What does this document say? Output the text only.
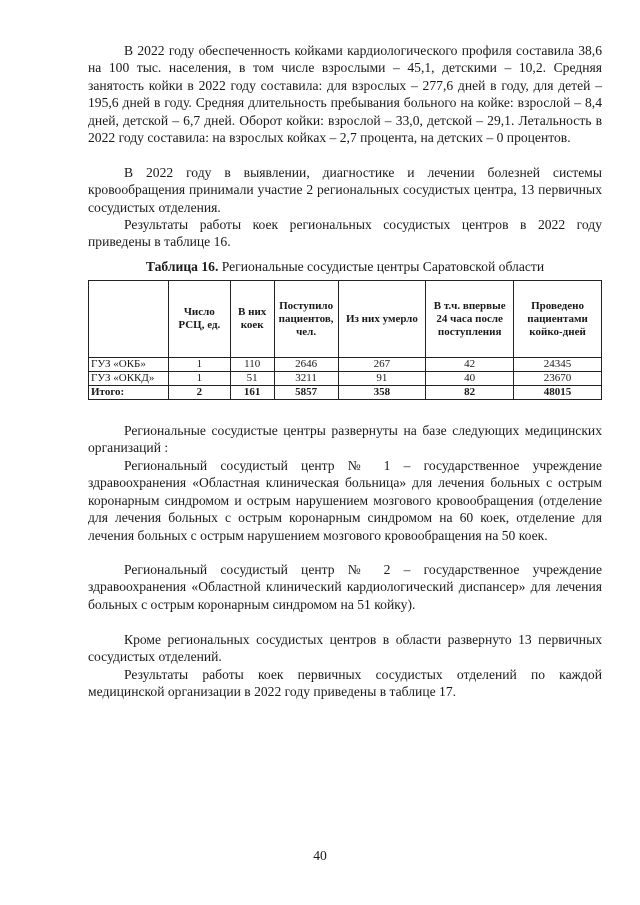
В 2022 году обеспеченность койками кардиологического профиля составила 38,6 на 100 тыс. населения, в том числе взрослыми – 45,1, детскими – 10,2. Средняя занятость койки в 2022 году составила: для взрослых – 277,6 дней в году, для детей – 195,6 дней в году. Средняя длительность пребывания больного на койке: взрослой – 8,4 дней, детской – 6,7 дней. Оборот койки: взрослой – 33,0, детской – 29,1. Летальность в 2022 году составила: на взрослых койках – 2,7 процента, на детских – 0 процентов.

В 2022 году в выявлении, диагностике и лечении болезней системы кровообращения принимали участие 2 региональных сосудистых центра, 13 первичных сосудистых отделения.

Результаты работы коек региональных сосудистых центров в 2022 году приведены в таблице 16.

Таблица 16. Региональные сосудистые центры Саратовской области

	Число РСЦ, ед.	В них коек	Поступило пациентов, чел.	Из них умерло	В т.ч. впервые 24 часа после поступления	Проведено пациентами койко-дней
ГУЗ «ОКБ»	1	110	2646	267	42	24345
ГУЗ «ОККД»	1	51	3211	91	40	23670
Итого:	2	161	5857	358	82	48015

Региональные сосудистые центры развернуты на базе следующих медицинских организаций :

Региональный сосудистый центр № 1 – государственное учреждение здравоохранения «Областная клиническая больница» для лечения больных с острым коронарным синдромом и острым нарушением мозгового кровообращения (отделение для лечения больных с острым коронарным синдромом на 60 коек, отделение для лечения больных с острым нарушением мозгового кровообращения на 50 коек.

Региональный сосудистый центр № 2 – государственное учреждение здравоохранения «Областной клинический кардиологический диспансер» для лечения больных с острым коронарным синдромом на 51 койку).

Кроме региональных сосудистых центров в области развернуто 13 первичных сосудистых отделений.

Результаты работы коек первичных сосудистых отделений по каждой медицинской организации в 2022 году приведены в таблице 17.

40
